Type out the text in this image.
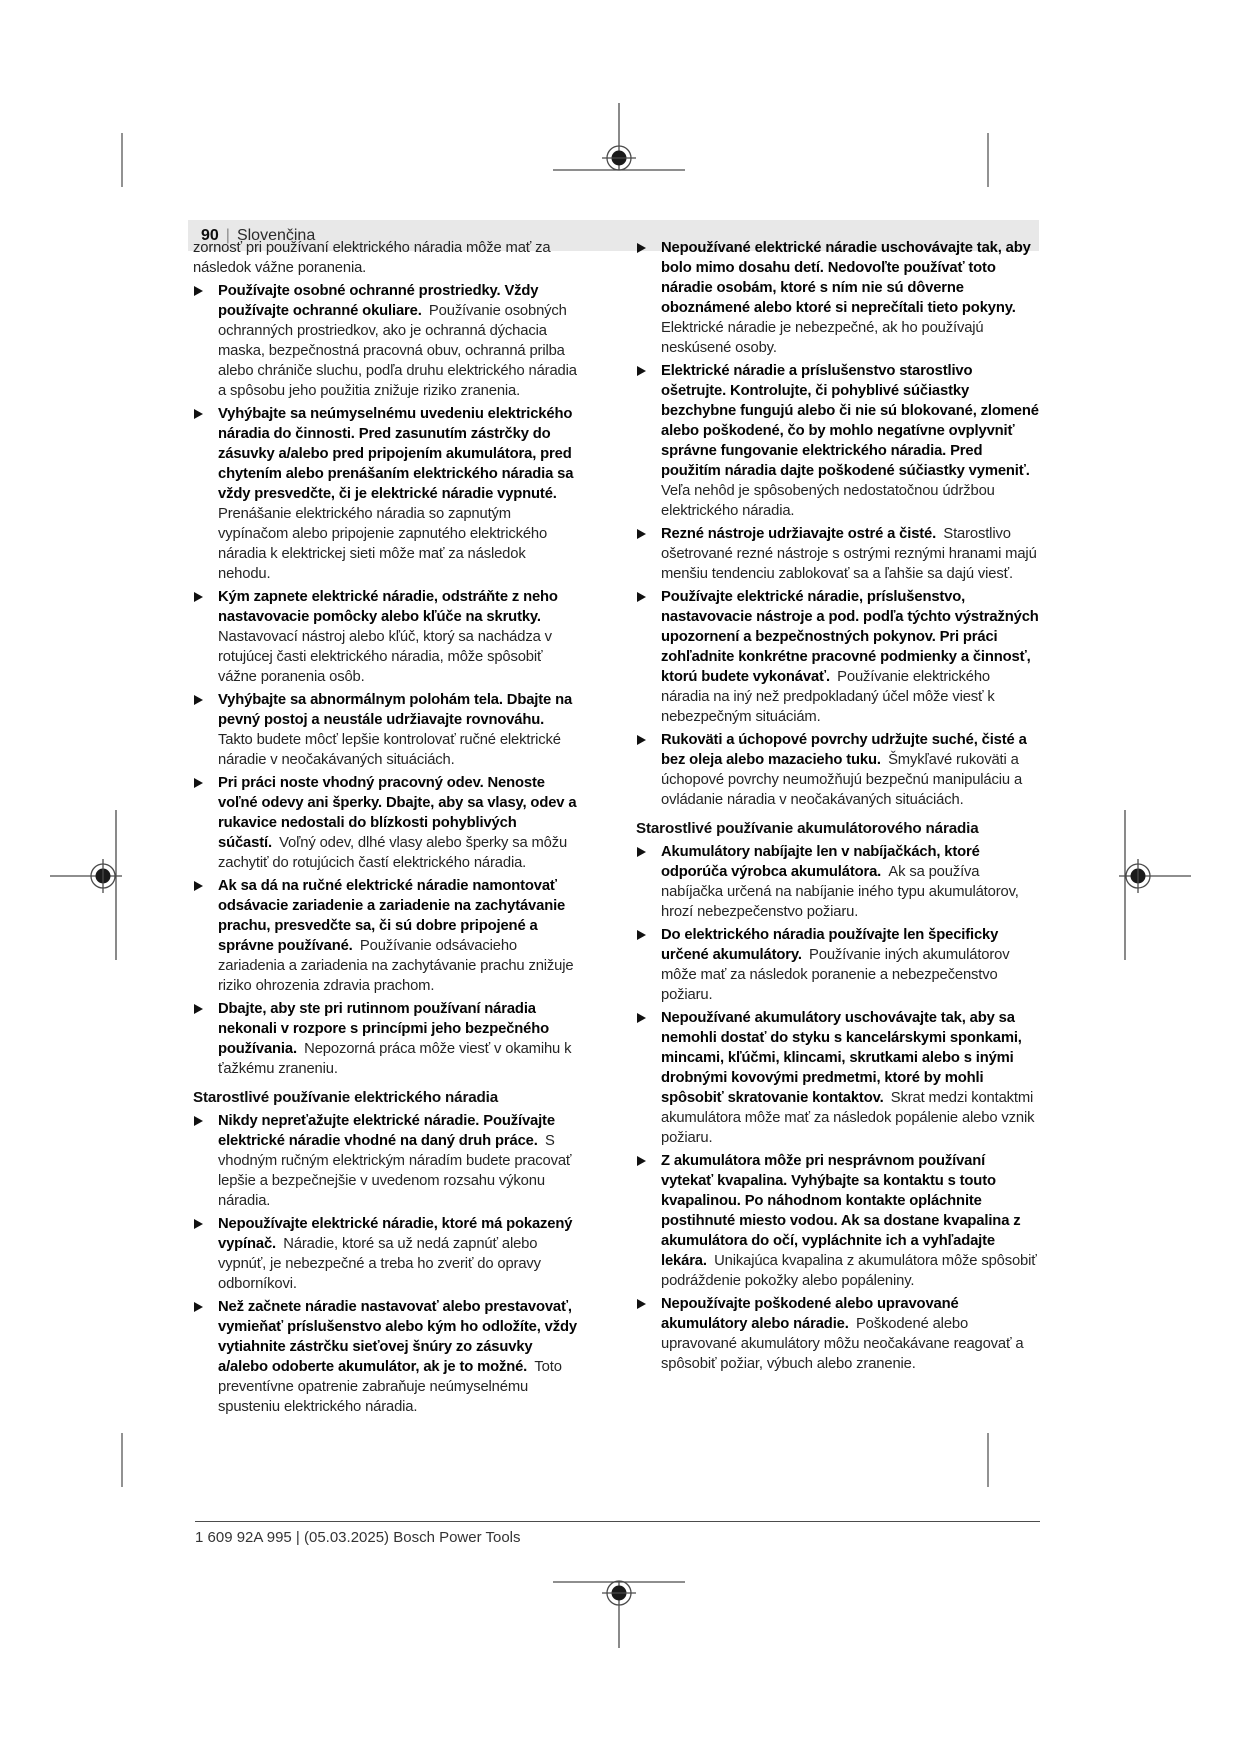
90 | Slovenčina

zornosť pri používaní elektrického náradia môže mať za následok vážne poranenia.

Používajte osobné ochranné prostriedky. Vždy používajte ochranné okuliare. Používanie osobných ochranných prostriedkov, ako je ochranná dýchacia maska, bezpečnostná pracovná obuv, ochranná prilba alebo chrániče sluchu, podľa druhu elektrického náradia a spôsobu jeho použitia znižuje riziko zranenia.

Vyhýbajte sa neúmyselnému uvedeniu elektrického náradia do činnosti. Pred zasunutím zástrčky do zásuvky a/alebo pred pripojením akumulátora, pred chytením alebo prenášaním elektrického náradia sa vždy presvedčte, či je elektrické náradie vypnuté. Prenášanie elektrického náradia so zapnutým vypínačom alebo pripojenie zapnutého elektrického náradia k elektrickej sieti môže mať za následok nehodu.

Kým zapnete elektrické náradie, odstráňte z neho nastavovacie pomôcky alebo kľúče na skrutky. Nastavovací nástroj alebo kľúč, ktorý sa nachádza v rotujúcej časti elektrického náradia, môže spôsobiť vážne poranenia osôb.

Vyhýbajte sa abnormálnym polohám tela. Dbajte na pevný postoj a neustále udržiavajte rovnováhu. Takto budete môcť lepšie kontrolovať ručné elektrické náradie v neočakávaných situáciách.

Pri práci noste vhodný pracovný odev. Nenoste voľné odevy ani šperky. Dbajte, aby sa vlasy, odev a rukavice nedostali do blízkosti pohyblivých súčastí. Voľný odev, dlhé vlasy alebo šperky sa môžu zachytiť do rotujúcich častí elektrického náradia.

Ak sa dá na ručné elektrické náradie namontovať odsávacie zariadenie a zariadenie na zachytávanie prachu, presvedčte sa, či sú dobre pripojené a správne používané. Používanie odsávacieho zariadenia a zariadenia na zachytávanie prachu znižuje riziko ohrozenia zdravia prachom.

Dbajte, aby ste pri rutinnom používaní náradia nekonali v rozpore s princípmi jeho bezpečného používania. Nepozorná práca môže viesť v okamihu k ťažkému zraneniu.

Starostlivé používanie elektrického náradia

Nikdy nepreťažujte elektrické náradie. Používajte elektrické náradie vhodné na daný druh práce. S vhodným ručným elektrickým náradím budete pracovať lepšie a bezpečnejšie v uvedenom rozsahu výkonu náradia.

Nepoužívajte elektrické náradie, ktoré má pokazený vypínač. Náradie, ktoré sa už nedá zapnúť alebo vypnúť, je nebezpečné a treba ho zveriť do opravy odborníkovi.

Než začnete náradie nastavovať alebo prestavovať, vymieňať príslušenstvo alebo kým ho odložíte, vždy vytiahnite zástrčku sieťovej šnúry zo zásuvky a/alebo odoberte akumulátor, ak je to možné. Toto preventívne opatrenie zabraňuje neúmyselnému spusteniu elektrického náradia.

Nepoužívané elektrické náradie uschovávajte tak, aby bolo mimo dosahu detí. Nedovoľte používať toto náradie osobám, ktoré s ním nie sú dôverne oboznámené alebo ktoré si neprečítali tieto pokyny. Elektrické náradie je nebezpečné, ak ho používajú neskúsené osoby.

Elektrické náradie a príslušenstvo starostlivo ošetrujte. Kontrolujte, či pohyblivé súčiastky bezchybne fungujú alebo či nie sú blokované, zlomené alebo poškodené, čo by mohlo negatívne ovplyvniť správne fungovanie elektrického náradia. Pred použitím náradia dajte poškodené súčiastky vymeniť. Veľa nehôd je spôsobených nedostatočnou údržbou elektrického náradia.

Rezné nástroje udržiavajte ostré a čisté. Starostlivo ošetrované rezné nástroje s ostrými reznými hranami majú menšiu tendenciu zablokovať sa a ľahšie sa dajú viesť.

Používajte elektrické náradie, príslušenstvo, nastavovacie nástroje a pod. podľa týchto výstražných upozornení a bezpečnostných pokynov. Pri práci zohľadnite konkrétne pracovné podmienky a činnosť, ktorú budete vykonávať. Používanie elektrického náradia na iný než predpokladaný účel môže viesť k nebezpečným situáciám.

Rukoväti a úchopové povrchy udržujte suché, čisté a bez oleja alebo mazacieho tuku. Šmykľavé rukoväti a úchopové povrchy neumožňujú bezpečnú manipuláciu a ovládanie náradia v neočakávaných situáciách.

Starostlivé používanie akumulátorového náradia

Akumulátory nabíjajte len v nabíjačkách, ktoré odporúča výrobca akumulátora. Ak sa používa nabíjačka určená na nabíjanie iného typu akumulátorov, hrozí nebezpečenstvo požiaru.

Do elektrického náradia používajte len špecificky určené akumulátory. Používanie iných akumulátorov môže mať za následok poranenie a nebezpečenstvo požiaru.

Nepoužívané akumulátory uschovávajte tak, aby sa nemohli dostať do styku s kancelárskymi sponkami, mincami, kľúčmi, klincami, skrutkami alebo s inými drobnými kovovými predmetmi, ktoré by mohli spôsobiť skratovanie kontaktov. Skrat medzi kontaktmi akumulátora môže mať za následok popálenie alebo vznik požiaru.

Z akumulátora môže pri nesprávnom používaní vytekať kvapalina. Vyhýbajte sa kontaktu s touto kvapalinou. Po náhodnom kontakte opláchnite postihnuté miesto vodou. Ak sa dostane kvapalina z akumulátora do očí, vypláchnite ich a vyhľadajte lekára. Unikajúca kvapalina z akumulátora môže spôsobiť podráždenie pokožky alebo popáleniny.

Nepoužívajte poškodené alebo upravované akumulátory alebo náradie. Poškodené alebo upravované akumulátory môžu neočakávane reagovať a spôsobiť požiar, výbuch alebo zranenie.

1 609 92A 995 | (05.03.2025) Bosch Power Tools
